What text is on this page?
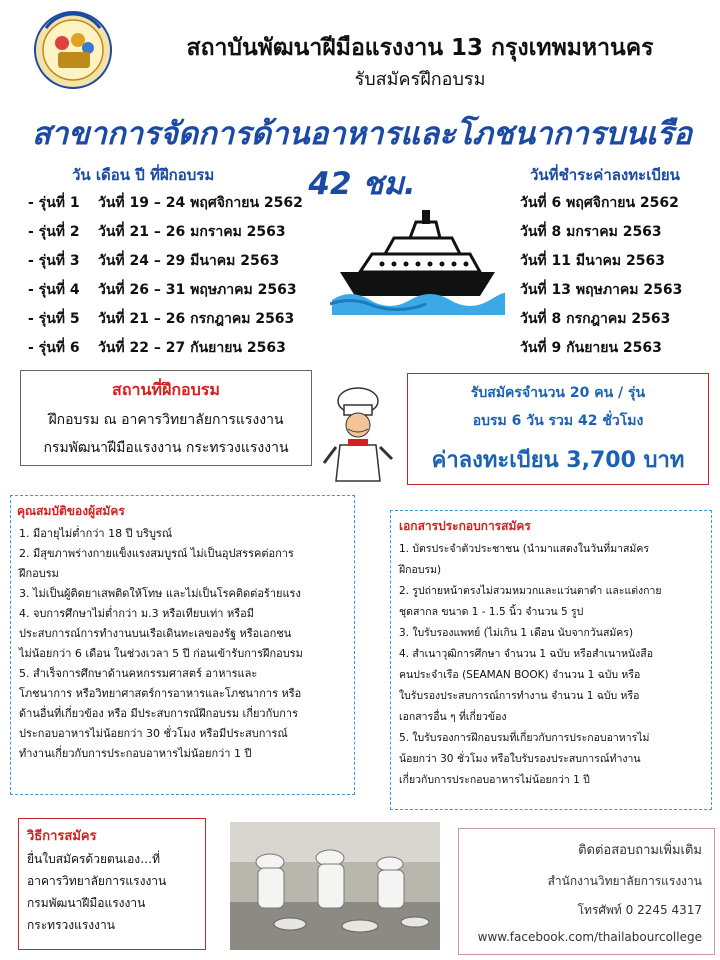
สถาบันพัฒนาฝีมือแรงงาน 13 กรุงเทพมหานคร
รับสมัครฝึกอบรม
สาขาการจัดการด้านอาหารและโภชนาการบนเรือ 42 ชม.
วัน เดือน ปี ที่ฝึกอบรม	วันที่ชำระค่าลงทะเบียน
- รุ่นที่ 1 วันที่ 19 – 24 พฤศจิกายน 2562
- รุ่นที่ 2 วันที่ 21 – 26 มกราคม 2563
- รุ่นที่ 3 วันที่ 24 – 29 มีนาคม 2563
- รุ่นที่ 4 วันที่ 26 – 31 พฤษภาคม 2563
- รุ่นที่ 5 วันที่ 21 – 26 กรกฎาคม 2563
- รุ่นที่ 6 วันที่ 22 – 27 กันยายน 2563
วันที่ 6 พฤศจิกายน 2562
วันที่ 8 มกราคม 2563
วันที่ 11 มีนาคม 2563
วันที่ 13 พฤษภาคม 2563
วันที่ 8 กรกฎาคม 2563
วันที่ 9 กันยายน 2563
สถานที่ฝึกอบรม
ฝึกอบรม ณ อาคารวิทยาลัยการแรงงาน
กรมพัฒนาฝีมือแรงงาน กระทรวงแรงงาน
รับสมัครจำนวน 20 คน / รุ่น
อบรม 6 วัน รวม 42 ชั่วโมง
ค่าลงทะเบียน 3,700 บาท
คุณสมบัติของผู้สมัคร
1. มีอายุไม่ต่ำกว่า 18 ปี บริบูรณ์
2. มีสุขภาพร่างกายแข็งแรงสมบูรณ์ ไม่เป็นอุปสรรคต่อการ
ฝึกอบรม
3. ไม่เป็นผู้ติดยาเสพติดให้โทษ และไม่เป็นโรคติดต่อร้ายแรง
4. จบการศึกษาไม่ต่ำกว่า ม.3 หรือเทียบเท่า หรือมี
ประสบการณ์การทำงานบนเรือเดินทะเลของรัฐ หรือเอกชน
ไม่น้อยกว่า 6 เดือน ในช่วงเวลา 5 ปี ก่อนเข้ารับการฝึกอบรม
5. สำเร็จการศึกษาด้านคหกรรมศาสตร์ อาหารและ
โภชนาการ หรือวิทยาศาสตร์การอาหารและโภชนาการ หรือ
ด้านอื่นที่เกี่ยวข้อง หรือ มีประสบการณ์ฝึกอบรม เกี่ยวกับการ
ประกอบอาหารไม่น้อยกว่า 30 ชั่วโมง หรือมีประสบการณ์
ทำงานเกี่ยวกับการประกอบอาหารไม่น้อยกว่า 1 ปี
เอกสารประกอบการสมัคร
1. บัตรประจำตัวประชาชน (นำมาแสดงในวันที่มาสมัคร
ฝึกอบรม)
2. รูปถ่ายหน้าตรงไม่สวมหมวกและแว่นตาดำ และแต่งกาย
ชุดสากล ขนาด 1 - 1.5 นิ้ว จำนวน 5 รูป
3. ใบรับรองแพทย์ (ไม่เกิน 1 เดือน นับจากวันสมัคร)
4. สำเนาวุฒิการศึกษา จำนวน 1 ฉบับ หรือสำเนาหนังสือ
คนประจำเรือ (SEAMAN BOOK) จำนวน 1 ฉบับ หรือ
ใบรับรองประสบการณ์การทำงาน จำนวน 1 ฉบับ หรือ
เอกสารอื่น ๆ ที่เกี่ยวข้อง
5. ใบรับรองการฝึกอบรมที่เกี่ยวกับการประกอบอาหารไม่
น้อยกว่า 30 ชั่วโมง หรือใบรับรองประสบการณ์ทำงาน
เกี่ยวกับการประกอบอาหารไม่น้อยกว่า 1 ปี
วิธีการสมัคร
ยื่นใบสมัครด้วยตนเอง…ที่
อาคารวิทยาลัยการแรงงาน
กรมพัฒนาฝีมือแรงงาน
กระทรวงแรงงาน
ติดต่อสอบถามเพิ่มเติม
สำนักงานวิทยาลัยการแรงงาน
โทรศัพท์ 0 2245 4317
www.facebook.com/thailabourcollege
